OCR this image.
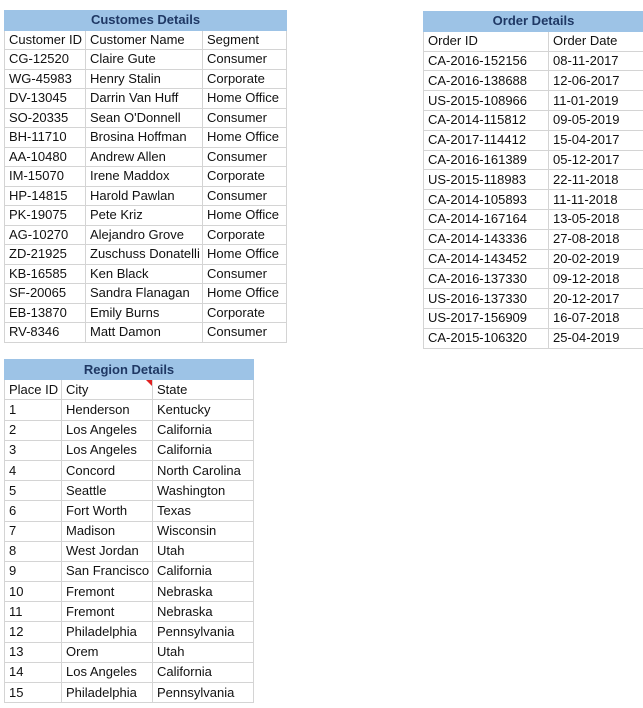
Customes Details		
Customer ID	Customer Name	Segment
CG-12520	Claire Gute	Consumer
WG-45983	Henry Stalin	Corporate
DV-13045	Darrin Van Huff	Home Office
SO-20335	Sean O'Donnell	Consumer
BH-11710	Brosina Hoffman	Home Office
AA-10480	Andrew Allen	Consumer
IM-15070	Irene Maddox	Corporate
HP-14815	Harold Pawlan	Consumer
PK-19075	Pete Kriz	Home Office
AG-10270	Alejandro Grove	Corporate
ZD-21925	Zuschuss Donatelli	Home Office
KB-16585	Ken Black	Consumer
SF-20065	Sandra Flanagan	Home Office
EB-13870	Emily Burns	Corporate
RV-8346	Matt Damon	Consumer
Order Details	
Order ID	Order Date
CA-2016-152156	08-11-2017
CA-2016-138688	12-06-2017
US-2015-108966	11-01-2019
CA-2014-115812	09-05-2019
CA-2017-114412	15-04-2017
CA-2016-161389	05-12-2017
US-2015-118983	22-11-2018
CA-2014-105893	11-11-2018
CA-2014-167164	13-05-2018
CA-2014-143336	27-08-2018
CA-2014-143452	20-02-2019
CA-2016-137330	09-12-2018
US-2016-137330	20-12-2017
US-2017-156909	16-07-2018
CA-2015-106320	25-04-2019
Region Details		
Place ID	City	State
1	Henderson	Kentucky
2	Los Angeles	California
3	Los Angeles	California
4	Concord	North Carolina
5	Seattle	Washington
6	Fort Worth	Texas
7	Madison	Wisconsin
8	West Jordan	Utah
9	San Francisco	California
10	Fremont	Nebraska
11	Fremont	Nebraska
12	Philadelphia	Pennsylvania
13	Orem	Utah
14	Los Angeles	California
15	Philadelphia	Pennsylvania
